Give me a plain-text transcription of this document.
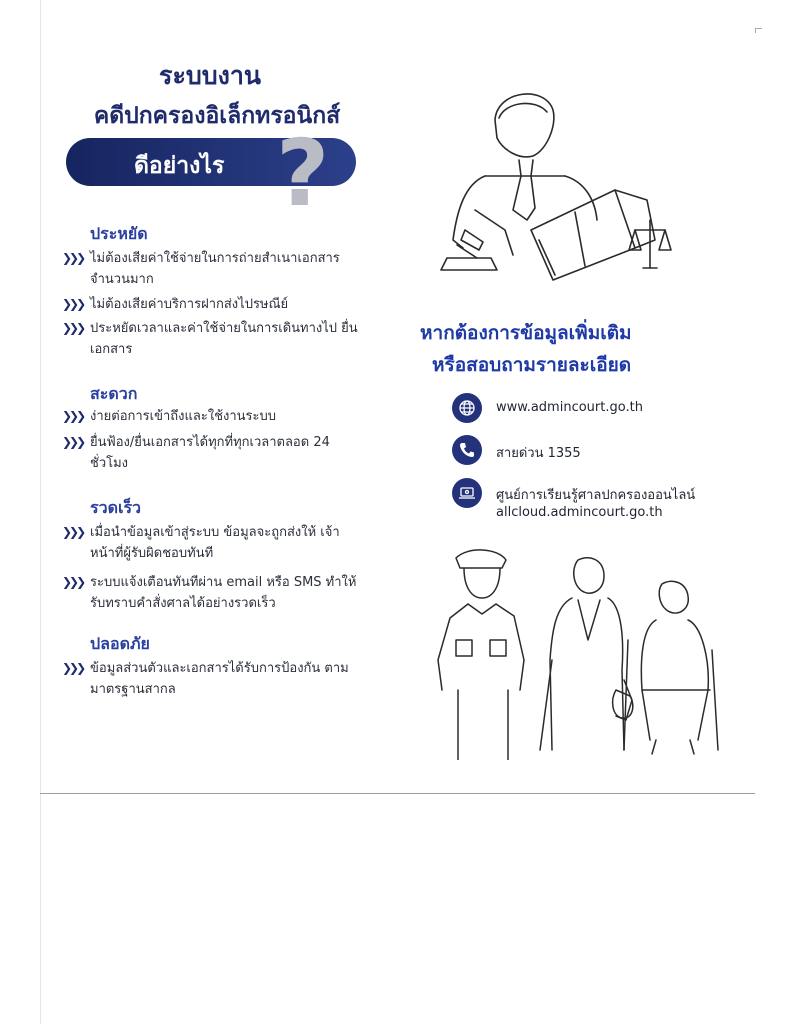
ระบบงาน
คดีปกครองอิเล็กทรอนิกส์
ดีอย่างไร ?
ประหยัด
❯❯❯ ไม่ต้องเสียค่าใช้จ่ายในการถ่ายสำเนาเอกสาร จำนวนมาก
❯❯❯ ไม่ต้องเสียค่าบริการฝากส่งไปรษณีย์
❯❯❯ ประหยัดเวลาและค่าใช้จ่ายในการเดินทางไป ยื่นเอกสาร
สะดวก
❯❯❯ ง่ายต่อการเข้าถึงและใช้งานระบบ
❯❯❯ ยื่นฟ้อง/ยื่นเอกสารได้ทุกที่ทุกเวลาตลอด 24 ชั่วโมง
รวดเร็ว
❯❯❯ เมื่อนำข้อมูลเข้าสู่ระบบ ข้อมูลจะถูกส่งให้ เจ้าหน้าที่ผู้รับผิดชอบทันที
❯❯❯ ระบบแจ้งเตือนทันทีผ่าน email หรือ SMS ทำให้รับทราบคำสั่งศาลได้อย่างรวดเร็ว
ปลอดภัย
❯❯❯ ข้อมูลส่วนตัวและเอกสารได้รับการป้องกัน ตามมาตรฐานสากล
หากต้องการข้อมูลเพิ่มเติม
หรือสอบถามรายละเอียด
www.admincourt.go.th
สายด่วน 1355
ศูนย์การเรียนรู้ศาลปกครองออนไลน์
allcloud.admincourt.go.th
